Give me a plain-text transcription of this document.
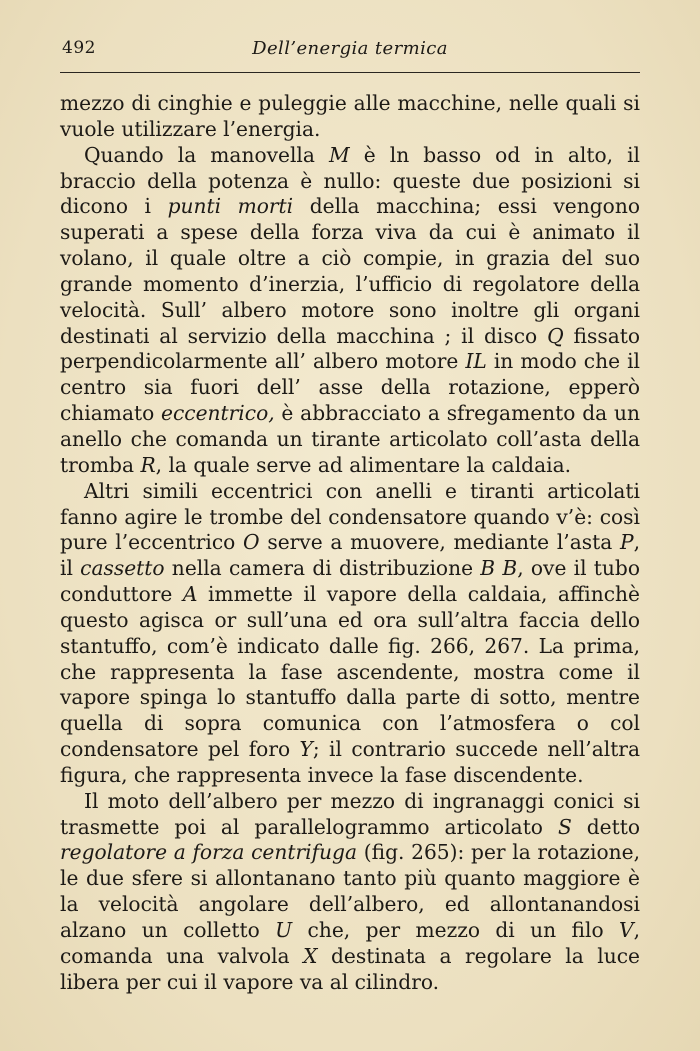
492	Dell’energia termica

mezzo di cinghie e puleggie alle macchine, nelle quali si vuole utilizzare l’energia.

Quando la manovella M è ln basso od in alto, il braccio della potenza è nullo: queste due posizioni si dicono i punti morti della macchina; essi vengono superati a spese della forza viva da cui è animato il volano, il quale oltre a ciò compie, in grazia del suo grande momento d’inerzia, l’ufficio di regolatore della velocità. Sull’ albero motore sono inoltre gli organi destinati al servizio della macchina ; il disco Q fissato perpendicolarmente all’ albero motore IL in modo che il centro sia fuori dell’ asse della rotazione, epperò chiamato eccentrico, è abbracciato a sfregamento da un anello che comanda un tirante articolato coll’asta della tromba R, la quale serve ad alimentare la caldaia.

Altri simili eccentrici con anelli e tiranti articolati fanno agire le trombe del condensatore quando v’è: così pure l’eccentrico O serve a muovere, mediante l’asta P, il cassetto nella camera di distribuzione B B, ove il tubo conduttore A immette il vapore della caldaia, affinchè questo agisca or sull’una ed ora sull’altra faccia dello stantuffo, com’è indicato dalle fig. 266, 267. La prima, che rappresenta la fase ascendente, mostra come il vapore spinga lo stantuffo dalla parte di sotto, mentre quella di sopra comunica con l’atmosfera o col condensatore pel foro Y; il contrario succede nell’altra figura, che rappresenta invece la fase discendente.

Il moto dell’albero per mezzo di ingranaggi conici si trasmette poi al parallelogrammo articolato S detto regolatore a forza centrifuga (fig. 265): per la rotazione, le due sfere si allontanano tanto più quanto maggiore è la velocità angolare dell’albero, ed allontanandosi alzano un colletto U che, per mezzo di un filo V, comanda una valvola X destinata a regolare la luce libera per cui il vapore va al cilindro.
